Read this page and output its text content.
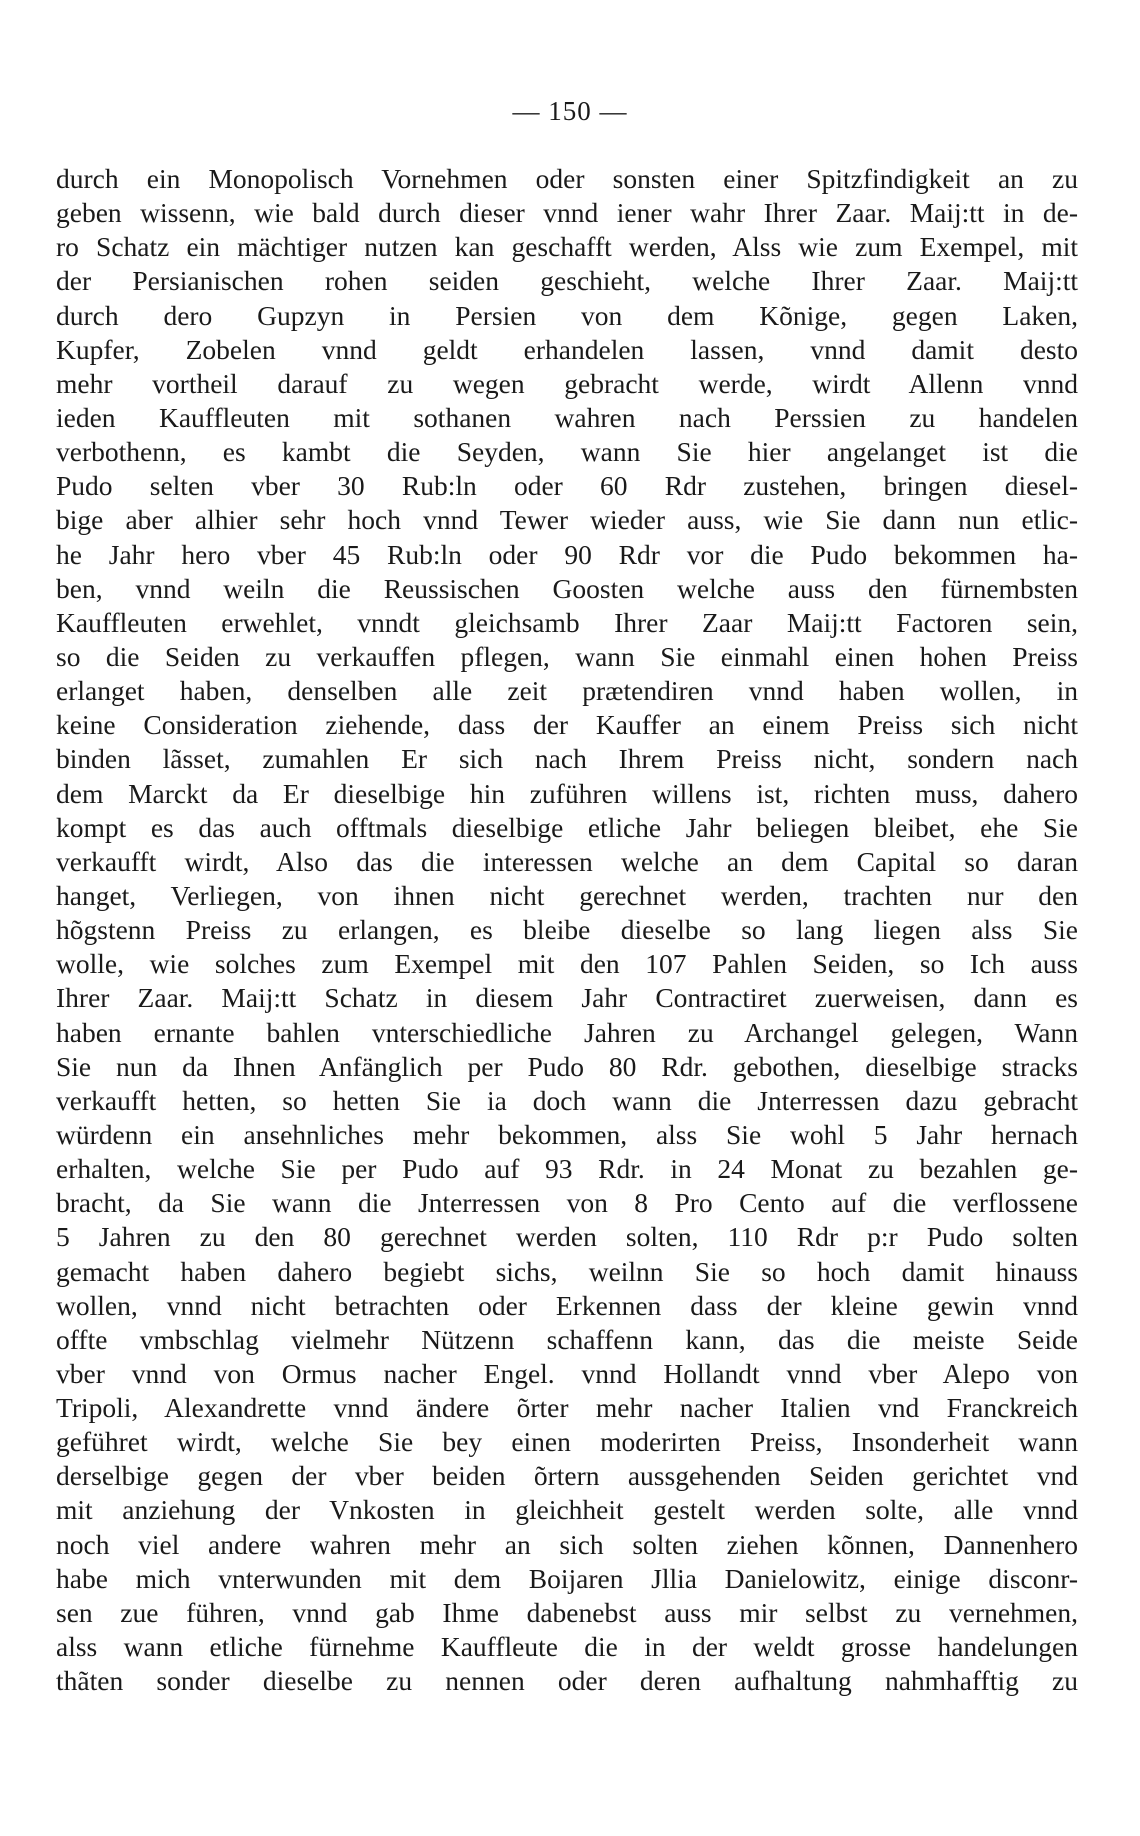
— 150 —
durch ein Monopolisch Vornehmen oder sonsten einer Spitzfindigkeit an zu
geben wissenn, wie bald durch dieser vnnd iener wahr Ihrer Zaar. Maij:tt in de-
ro Schatz ein mächtiger nutzen kan geschafft werden, Alss wie zum Exempel, mit
der Persianischen rohen seiden geschieht, welche Ihrer Zaar. Maij:tt
durch dero Gupzyn in Persien von dem Kõnige, gegen Laken,
Kupfer, Zobelen vnnd geldt erhandelen lassen, vnnd damit desto
mehr vortheil darauf zu wegen gebracht werde, wirdt Allenn vnnd
ieden Kauffleuten mit sothanen wahren nach Perssien zu handelen
verbothenn, es kambt die Seyden, wann Sie hier angelanget ist die
Pudo selten vber 30 Rub:ln oder 60 Rdr zustehen, bringen diesel-
bige aber alhier sehr hoch vnnd Tewer wieder auss, wie Sie dann nun etlic-
he Jahr hero vber 45 Rub:ln oder 90 Rdr vor die Pudo bekommen ha-
ben, vnnd weiln die Reussischen Goosten welche auss den fürnembsten
Kauffleuten erwehlet, vnndt gleichsamb Ihrer Zaar Maij:tt Factoren sein,
so die Seiden zu verkauffen pflegen, wann Sie einmahl einen hohen Preiss
erlanget haben, denselben alle zeit prætendiren vnnd haben wollen, in
keine Consideration ziehende, dass der Kauffer an einem Preiss sich nicht
binden lãsset, zumahlen Er sich nach Ihrem Preiss nicht, sondern nach
dem Marckt da Er dieselbige hin zuführen willens ist, richten muss, dahero
kompt es das auch offtmals dieselbige etliche Jahr beliegen bleibet, ehe Sie
verkaufft wirdt, Also das die interessen welche an dem Capital so daran
hanget, Verliegen, von ihnen nicht gerechnet werden, trachten nur den
hõgstenn Preiss zu erlangen, es bleibe dieselbe so lang liegen alss Sie
wolle, wie solches zum Exempel mit den 107 Pahlen Seiden, so Ich auss
Ihrer Zaar. Maij:tt Schatz in diesem Jahr Contractiret zuerweisen, dann es
haben ernante bahlen vnterschiedliche Jahren zu Archangel gelegen, Wann
Sie nun da Ihnen Anfänglich per Pudo 80 Rdr. gebothen, dieselbige stracks
verkaufft hetten, so hetten Sie ia doch wann die Jnterressen dazu gebracht
würdenn ein ansehnliches mehr bekommen, alss Sie wohl 5 Jahr hernach
erhalten, welche Sie per Pudo auf 93 Rdr. in 24 Monat zu bezahlen ge-
bracht, da Sie wann die Jnterressen von 8 Pro Cento auf die verflossene
5 Jahren zu den 80 gerechnet werden solten, 110 Rdr p:r Pudo solten
gemacht haben dahero begiebt sichs, weilnn Sie so hoch damit hinauss
wollen, vnnd nicht betrachten oder Erkennen dass der kleine gewin vnnd
offte vmbschlag vielmehr Nützenn schaffenn kann, das die meiste Seide
vber vnnd von Ormus nacher Engel. vnnd Hollandt vnnd vber Alepo von
Tripoli, Alexandrette vnnd ändere õrter mehr nacher Italien vnd Franckreich
geführet wirdt, welche Sie bey einen moderirten Preiss, Insonderheit wann
derselbige gegen der vber beiden õrtern aussgehenden Seiden gerichtet vnd
mit anziehung der Vnkosten in gleichheit gestelt werden solte, alle vnnd
noch viel andere wahren mehr an sich solten ziehen kõnnen, Dannenhero
habe mich vnterwunden mit dem Boijaren Jllia Danielowitz, einige disconr-
sen zue führen, vnnd gab Ihme dabenebst auss mir selbst zu vernehmen,
alss wann etliche fürnehme Kauffleute die in der weldt grosse handelungen
thãten sonder dieselbe zu nennen oder deren aufhaltung nahmhafftig zu
